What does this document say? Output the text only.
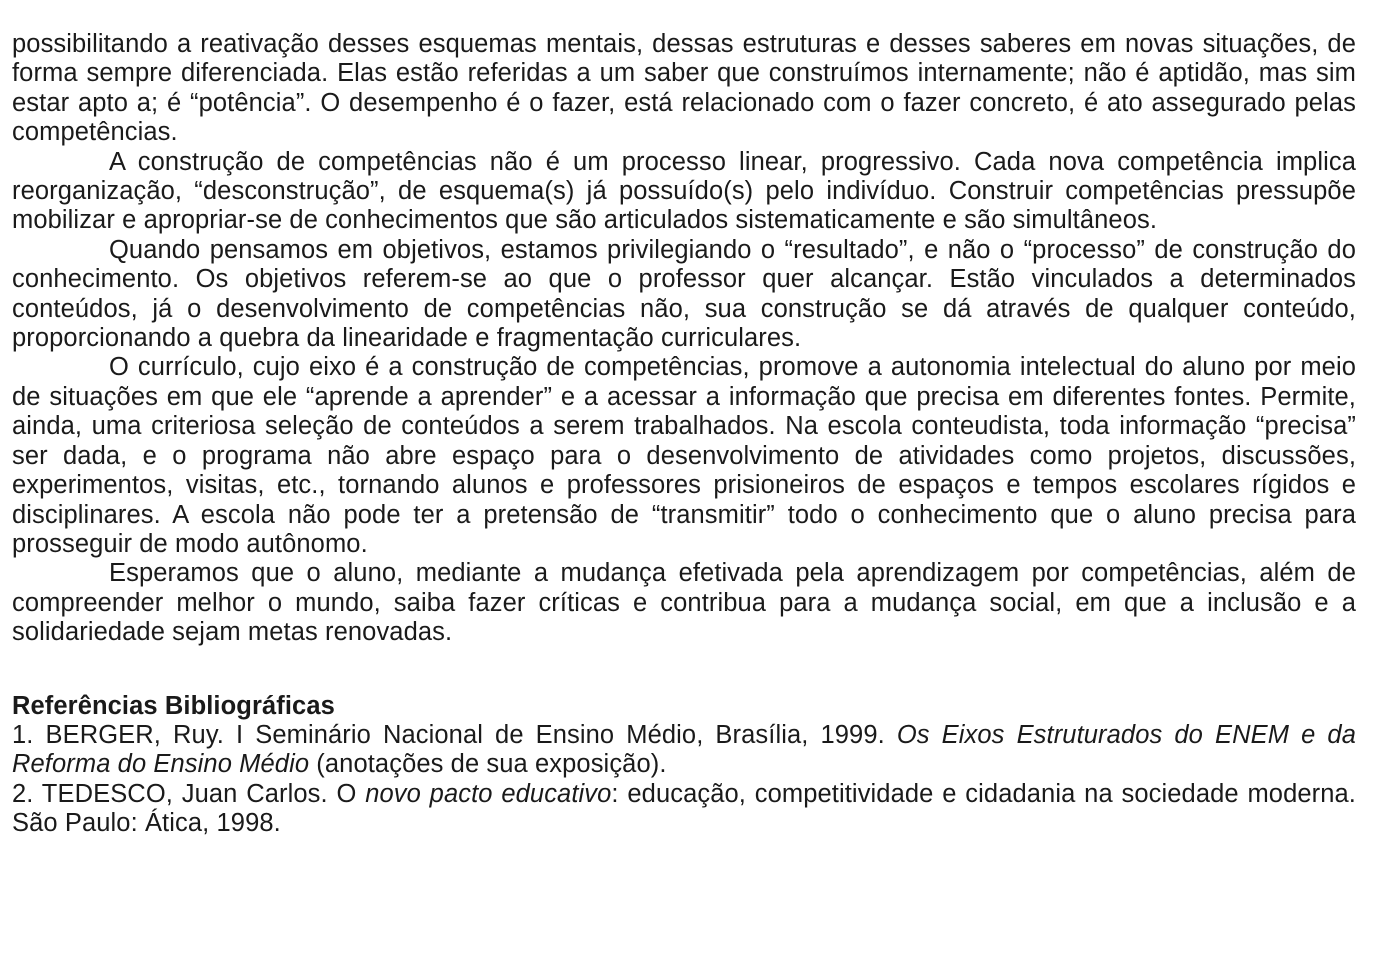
possibilitando a reativação desses esquemas mentais, dessas estruturas e desses saberes em novas situações, de forma sempre diferenciada. Elas estão referidas a um saber que construímos internamente; não é aptidão, mas sim estar apto a; é “potência”. O desempenho é o fazer, está relacionado com o fazer concreto, é ato assegurado pelas competências.

A construção de competências não é um processo linear, progressivo. Cada nova competência implica reorganização, “desconstrução”, de esquema(s) já possuído(s) pelo indivíduo. Construir competências pressupõe mobilizar e apropriar-se de conhecimentos que são articulados sistematicamente e são simultâneos.

Quando pensamos em objetivos, estamos privilegiando o “resultado”, e não o “processo” de construção do conhecimento. Os objetivos referem-se ao que o professor quer alcançar. Estão vinculados a determinados conteúdos, já o desenvolvimento de competências não, sua construção se dá através de qualquer conteúdo, proporcionando a quebra da linearidade e fragmentação curriculares.

O currículo, cujo eixo é a construção de competências, promove a autonomia intelectual do aluno por meio de situações em que ele “aprende a aprender” e a acessar a informação que precisa em diferentes fontes. Permite, ainda, uma criteriosa seleção de conteúdos a serem trabalhados. Na escola conteudista, toda informação “precisa” ser dada, e o programa não abre espaço para o desenvolvimento de atividades como projetos, discussões, experimentos, visitas, etc., tornando alunos e professores prisioneiros de espaços e tempos escolares rígidos e disciplinares. A escola não pode ter a pretensão de “transmitir” todo o conhecimento que o aluno precisa para prosseguir de modo autônomo.

Esperamos que o aluno, mediante a mudança efetivada pela aprendizagem por competências, além de compreender melhor o mundo, saiba fazer críticas e contribua para a mudança social, em que a inclusão e a solidariedade sejam metas renovadas.

Referências Bibliográficas

1. BERGER, Ruy. I Seminário Nacional de Ensino Médio, Brasília, 1999. Os Eixos Estruturados do ENEM e da Reforma do Ensino Médio (anotações de sua exposição).

2. TEDESCO, Juan Carlos. O novo pacto educativo: educação, competitividade e cidadania na sociedade moderna. São Paulo: Ática, 1998.
